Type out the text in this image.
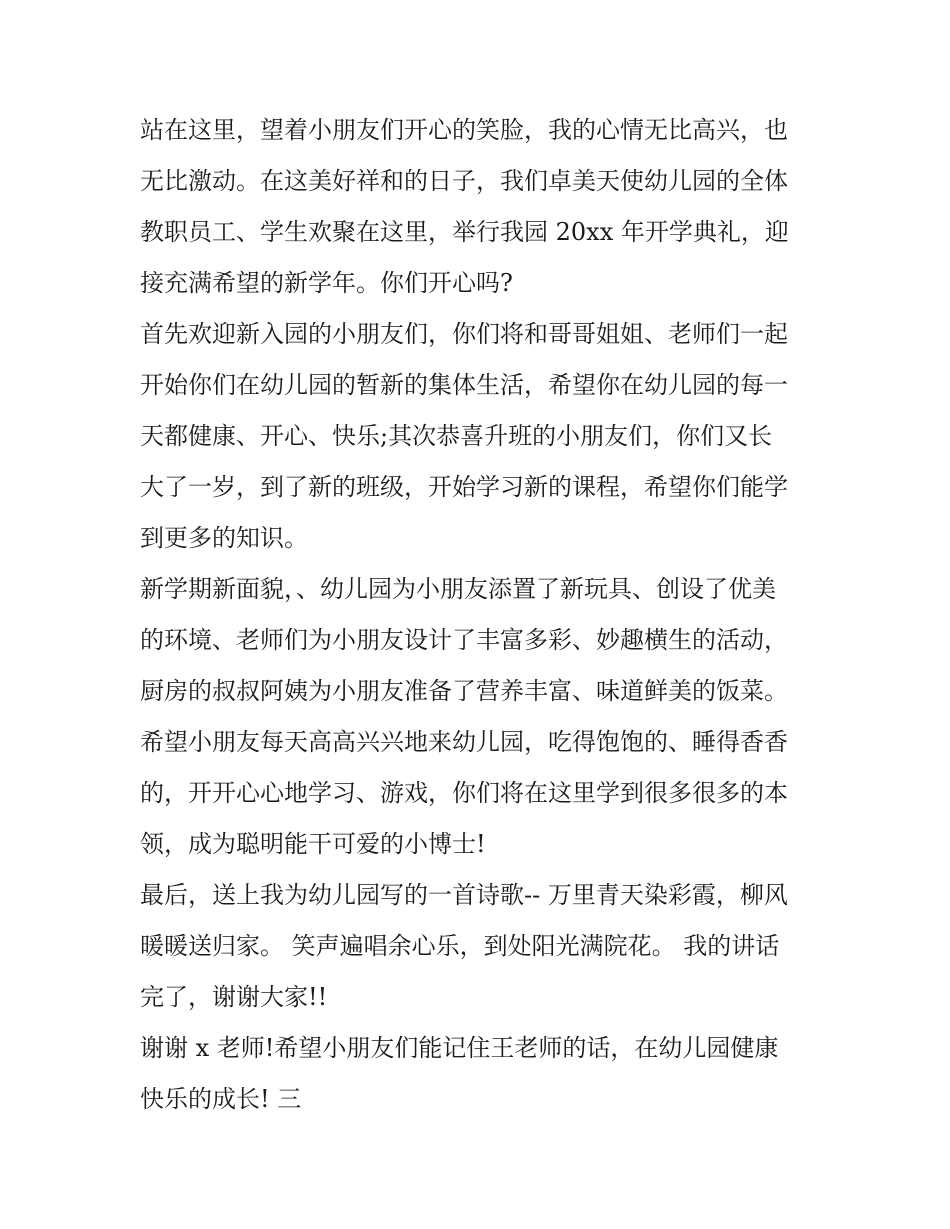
站在这里，望着小朋友们开心的笑脸，我的心情无比高兴，也
无比激动。在这美好祥和的日子，我们卓美天使幼儿园的全体
教职员工、学生欢聚在这里，举行我园 20xx 年开学典礼，迎
接充满希望的新学年。你们开心吗?
首先欢迎新入园的小朋友们，你们将和哥哥姐姐、老师们一起
开始你们在幼儿园的暂新的集体生活，希望你在幼儿园的每一
天都健康、开心、快乐;其次恭喜升班的小朋友们，你们又长
大了一岁，到了新的班级，开始学习新的课程，希望你们能学
到更多的知识。
新学期新面貌，、幼儿园为小朋友添置了新玩具、创设了优美
的环境、老师们为小朋友设计了丰富多彩、妙趣横生的活动，
厨房的叔叔阿姨为小朋友准备了营养丰富、味道鲜美的饭菜。
希望小朋友每天高高兴兴地来幼儿园，吃得饱饱的、睡得香香
的，开开心心地学习、游戏，你们将在这里学到很多很多的本
领，成为聪明能干可爱的小博士!
最后，送上我为幼儿园写的一首诗歌-- 万里青天染彩霞，柳风
暖暖送归家。 笑声遍唱余心乐，到处阳光满院花。 我的讲话
完了，谢谢大家!!
谢谢 x 老师!希望小朋友们能记住王老师的话，在幼儿园健康
快乐的成长! 三
